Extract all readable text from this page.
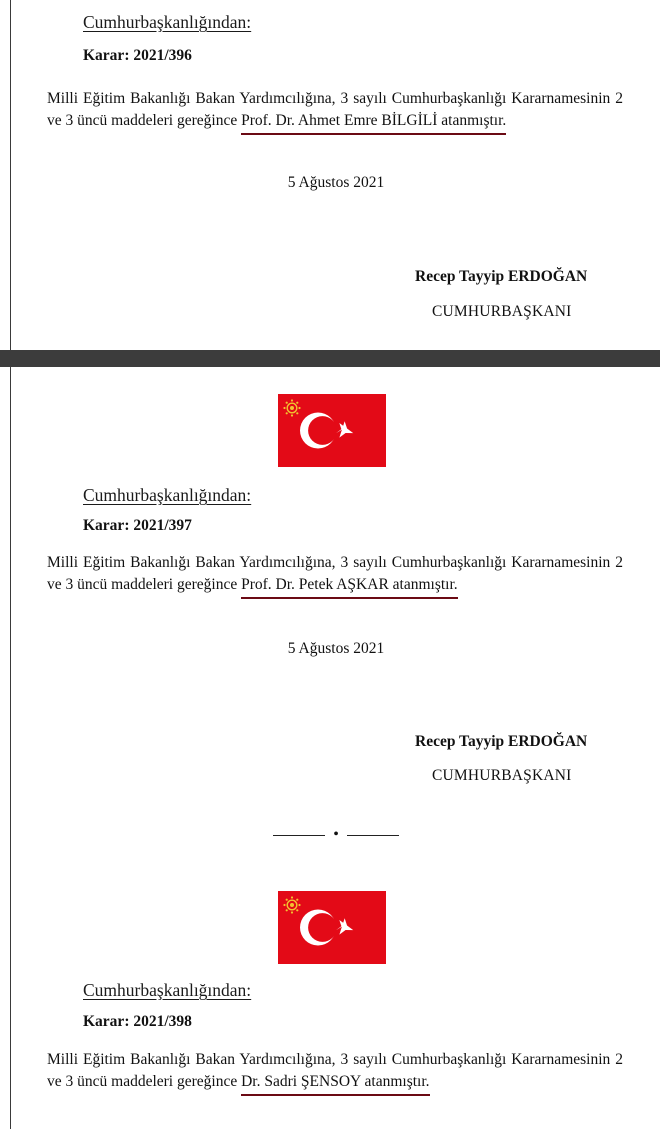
Cumhurbaşkanlığından:
Karar: 2021/396
Milli Eğitim Bakanlığı Bakan Yardımcılığına, 3 sayılı Cumhurbaşkanlığı Kararnamesinin 2 ve 3 üncü maddeleri gereğince Prof. Dr. Ahmet Emre BİLGİLİ atanmıştır.
5 Ağustos 2021
Recep Tayyip ERDOĞAN
CUMHURBAŞKANI
Cumhurbaşkanlığından:
Karar: 2021/397
Milli Eğitim Bakanlığı Bakan Yardımcılığına, 3 sayılı Cumhurbaşkanlığı Kararnamesinin 2 ve 3 üncü maddeleri gereğince Prof. Dr. Petek AŞKAR atanmıştır.
5 Ağustos 2021
Recep Tayyip ERDOĞAN
CUMHURBAŞKANI
•
Cumhurbaşkanlığından:
Karar: 2021/398
Milli Eğitim Bakanlığı Bakan Yardımcılığına, 3 sayılı Cumhurbaşkanlığı Kararnamesinin 2 ve 3 üncü maddeleri gereğince Dr. Sadri ŞENSOY atanmıştır.
